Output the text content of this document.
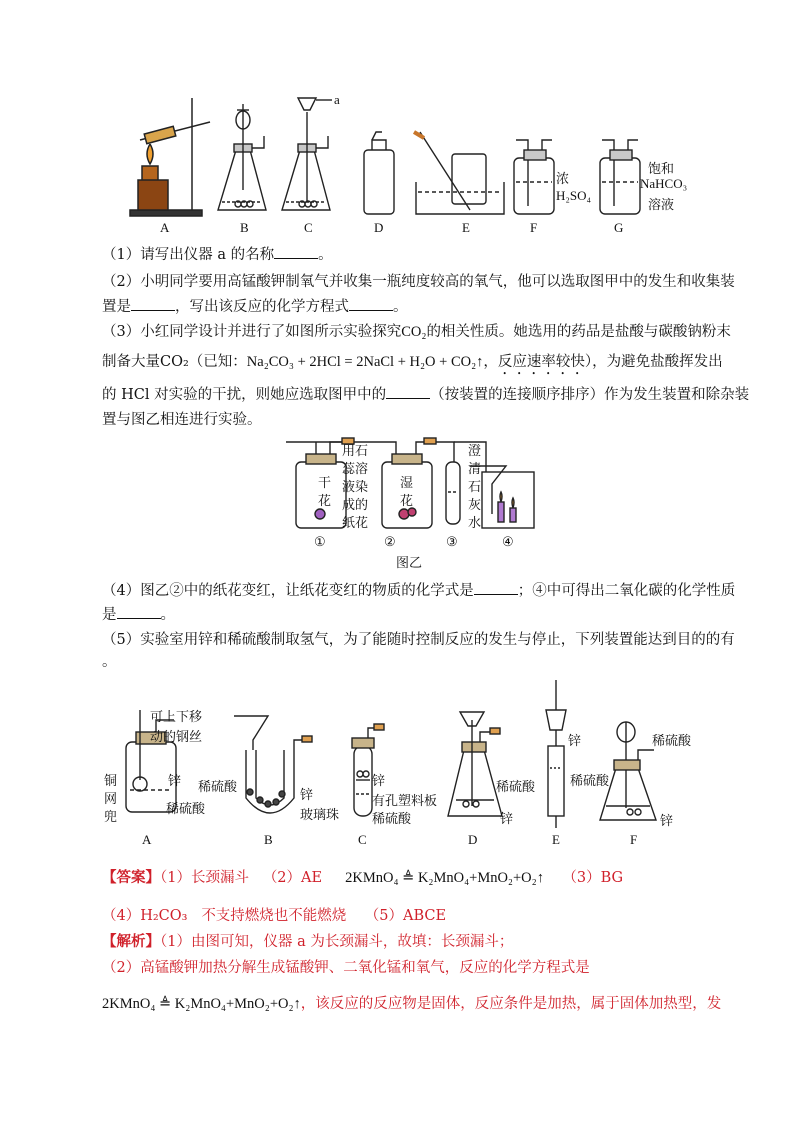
a
浓
H₂SO₄
饱和
NaHCO₃
溶液
A	B	C	D	E	F	G
（1）请写出仪器 a 的名称	。
（2）小明同学要用高锰酸钾制氧气并收集一瓶纯度较高的氧气，他可以选取图甲中的发生和收集装
置是	，写出该反应的化学方程式	。
（3）小红同学设计并进行了如图所示实验探究CO₂的相关性质。她选用的药品是盐酸与碳酸钠粉末
制备大量CO₂（已知：Na₂CO₃ + 2HCl = 2NaCl + H₂O + CO₂↑，反应速率较快），为避免盐酸挥发出
的 HCl 对实验的干扰，则她应选取图甲中的	（按装置的连接顺序排序）作为发生装置和除杂装
置与图乙相连进行实验。
干
花
用石
蕊溶
液染
成的
纸花
湿
花
澄
清
石
灰
水
①	②	③	④
图乙
（4）图乙②中的纸花变红，让纸花变红的物质的化学式是	；④中可得出二氧化碳的化学性质
是	。
（5）实验室用锌和稀硫酸制取氢气，为了能随时控制反应的发生与停止，下列装置能达到目的的有
。
可上下移
动的钢丝
锌
铜
网
兜
稀硫酸
稀硫酸
锌
玻璃珠
锌
有孔塑料板
稀硫酸
稀硫酸
锌
锌
稀硫酸
稀硫酸
锌
A	B	C	D	E	F
【答案】（1）长颈漏斗 （2）AE 2KMnO₄ ≜ K₂MnO₄+MnO₂+O₂↑ （3）BG
（4）H₂CO₃ 不支持燃烧也不能燃烧 （5）ABCE
【解析】（1）由图可知，仪器 a 为长颈漏斗，故填：长颈漏斗；
（2）高锰酸钾加热分解生成锰酸钾、二氧化锰和氧气，反应的化学方程式是
2KMnO₄ ≜ K₂MnO₄+MnO₂+O₂↑，该反应的反应物是固体，反应条件是加热，属于固体加热型，发
